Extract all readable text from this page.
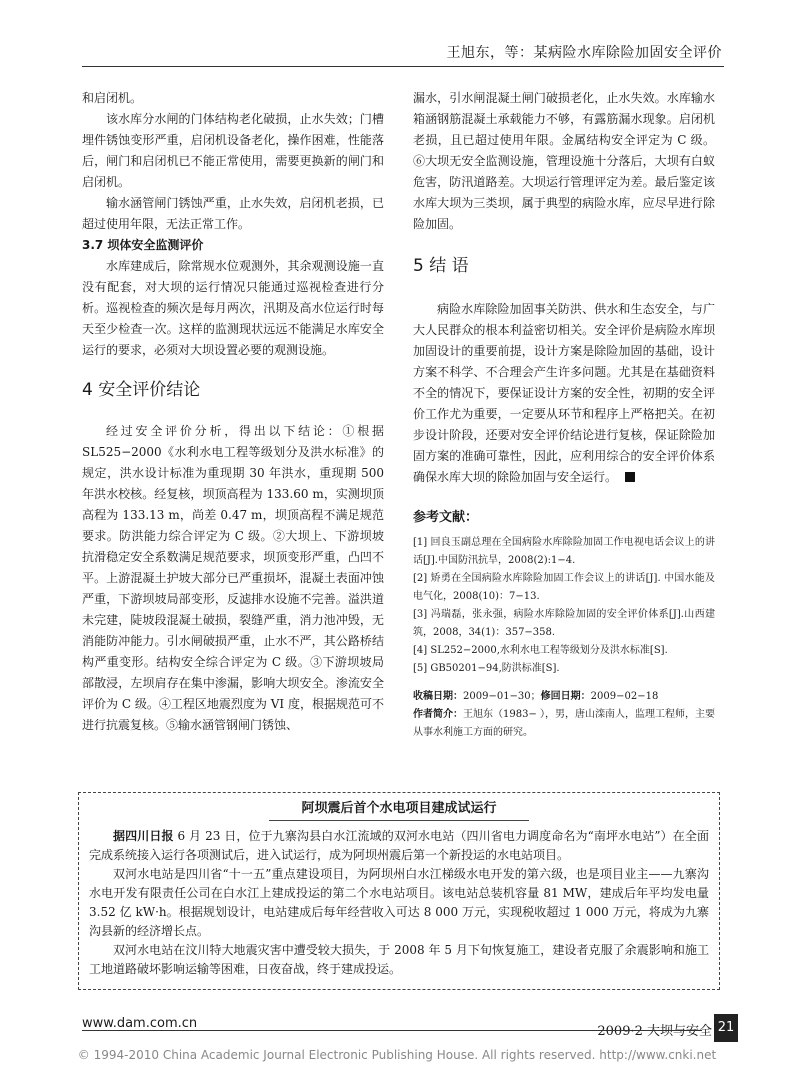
王旭东，等：某病险水库除险加固安全评价

和启闭机。

该水库分水闸的门体结构老化破损，止水失效；门槽埋件锈蚀变形严重，启闭机设备老化，操作困难，性能落后，闸门和启闭机已不能正常使用，需要更换新的闸门和启闭机。

输水涵管闸门锈蚀严重，止水失效，启闭机老损，已超过使用年限，无法正常工作。

3.7 坝体安全监测评价

水库建成后，除常规水位观测外，其余观测设施一直没有配套，对大坝的运行情况只能通过巡视检查进行分析。巡视检查的频次是每月两次，汛期及高水位运行时每天至少检查一次。这样的监测现状远远不能满足水库安全运行的要求，必须对大坝设置必要的观测设施。

4 安全评价结论

经过安全评价分析，得出以下结论：①根据SL525−2000《水利水电工程等级划分及洪水标准》的规定，洪水设计标准为重现期 30 年洪水，重现期 500 年洪水校核。经复核，坝顶高程为 133.60 m，实测坝顶高程为 133.13 m，尚差 0.47 m，坝顶高程不满足规范要求。防洪能力综合评定为 C 级。②大坝上、下游坝坡抗滑稳定安全系数满足规范要求，坝顶变形严重，凸凹不平。上游混凝土护坡大部分已严重损坏，混凝土表面冲蚀严重，下游坝坡局部变形，反滤排水设施不完善。溢洪道未完建，陡坡段混凝土破损，裂缝严重，消力池冲毁，无消能防冲能力。引水闸破损严重，止水不严，其公路桥结构严重变形。结构安全综合评定为 C 级。③下游坝坡局部散浸，左坝肩存在集中渗漏，影响大坝安全。渗流安全评价为 C 级。④工程区地震烈度为 VI 度，根据规范可不进行抗震复核。⑤输水涵管钢闸门锈蚀、

漏水，引水闸混凝土闸门破损老化，止水失效。水库输水箱涵钢筋混凝土承载能力不够，有露筋漏水现象。启闭机老损，且已超过使用年限。金属结构安全评定为 C 级。⑥大坝无安全监测设施，管理设施十分落后，大坝有白蚁危害，防汛道路差。大坝运行管理评定为差。最后鉴定该水库大坝为三类坝，属于典型的病险水库，应尽早进行除险加固。

5 结 语

病险水库除险加固事关防洪、供水和生态安全，与广大人民群众的根本利益密切相关。安全评价是病险水库坝加固设计的重要前提，设计方案是除险加固的基础，设计方案不科学、不合理会产生许多问题。尤其是在基础资料不全的情况下，要保证设计方案的安全性，初期的安全评价工作尤为重要，一定要从环节和程序上严格把关。在初步设计阶段，还要对安全评价结论进行复核，保证除险加固方案的准确可靠性，因此，应利用综合的安全评价体系确保水库大坝的除险加固与安全运行。

参考文献：

[1] 回良玉副总理在全国病险水库除险加固工作电视电话会议上的讲话[J].中国防汛抗旱，2008(2):1−4.

[2] 矫勇在全国病险水库除险加固工作会议上的讲话[J]. 中国水能及电气化，2008(10)：7−13.

[3] 冯瑞磊，张永强，病险水库除险加固的安全评价体系[J].山西建筑，2008，34(1)：357−358.

[4] SL252−2000,水利水电工程等级划分及洪水标准[S].

[5] GB50201−94,防洪标准[S].

收稿日期：2009−01−30；修回日期：2009−02−18

作者简介：王旭东（1983− ），男，唐山滦南人，监理工程师，主要从事水利施工方面的研究。

阿坝震后首个水电项目建成试运行

据四川日报 6 月 23 日，位于九寨沟县白水江流域的双河水电站（四川省电力调度命名为“南坪水电站”）在全面完成系统接入运行各项测试后，进入试运行，成为阿坝州震后第一个新投运的水电站项目。

双河水电站是四川省“十一五”重点建设项目，为阿坝州白水江梯级水电开发的第六级，也是项目业主——九寨沟水电开发有限责任公司在白水江上建成投运的第二个水电站项目。该电站总装机容量 81 MW，建成后年平均发电量 3.52 亿 kW·h。根据规划设计，电站建成后每年经营收入可达 8 000 万元，实现税收超过 1 000 万元，将成为九寨沟县新的经济增长点。

双河水电站在汶川特大地震灾害中遭受较大损失，于 2008 年 5 月下旬恢复施工，建设者克服了余震影响和施工工地道路破坏影响运输等困难，日夜奋战，终于建成投运。

www.dam.com.cn
2009·2 大坝与安全 21
© 1994-2010 China Academic Journal Electronic Publishing House. All rights reserved. http://www.cnki.net
